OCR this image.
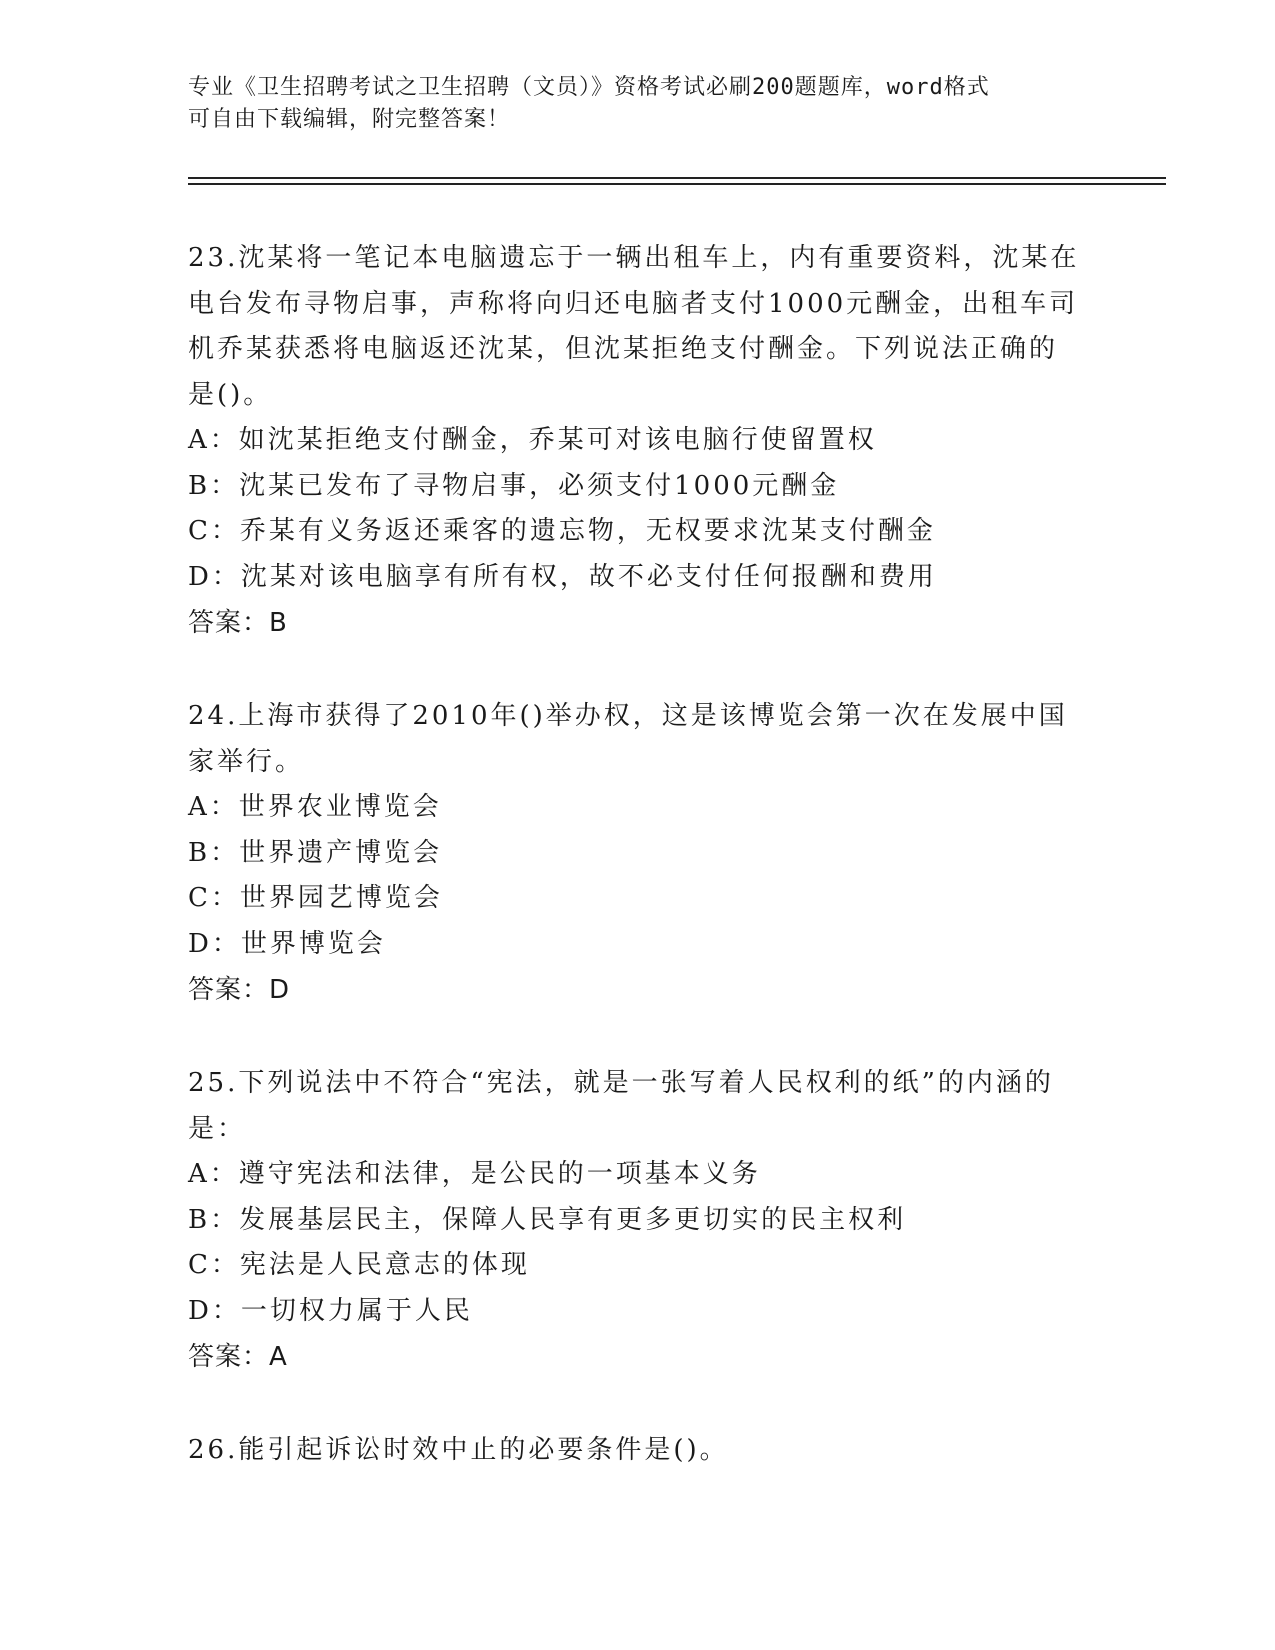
专业《卫生招聘考试之卫生招聘（文员）》资格考试必刷200题题库，word格式
可自由下载编辑，附完整答案！
23.沈某将一笔记本电脑遗忘于一辆出租车上，内有重要资料，沈某在
电台发布寻物启事，声称将向归还电脑者支付1000元酬金，出租车司
机乔某获悉将电脑返还沈某，但沈某拒绝支付酬金。下列说法正确的
是()。
A：如沈某拒绝支付酬金，乔某可对该电脑行使留置权
B：沈某已发布了寻物启事，必须支付1000元酬金
C：乔某有义务返还乘客的遗忘物，无权要求沈某支付酬金
D：沈某对该电脑享有所有权，故不必支付任何报酬和费用
答案：B
24.上海市获得了2010年()举办权，这是该博览会第一次在发展中国
家举行。
A：世界农业博览会
B：世界遗产博览会
C：世界园艺博览会
D：世界博览会
答案：D
25.下列说法中不符合“宪法，就是一张写着人民权利的纸”的内涵的
是：
A：遵守宪法和法律，是公民的一项基本义务
B：发展基层民主，保障人民享有更多更切实的民主权利
C：宪法是人民意志的体现
D：一切权力属于人民
答案：A
26.能引起诉讼时效中止的必要条件是()。
